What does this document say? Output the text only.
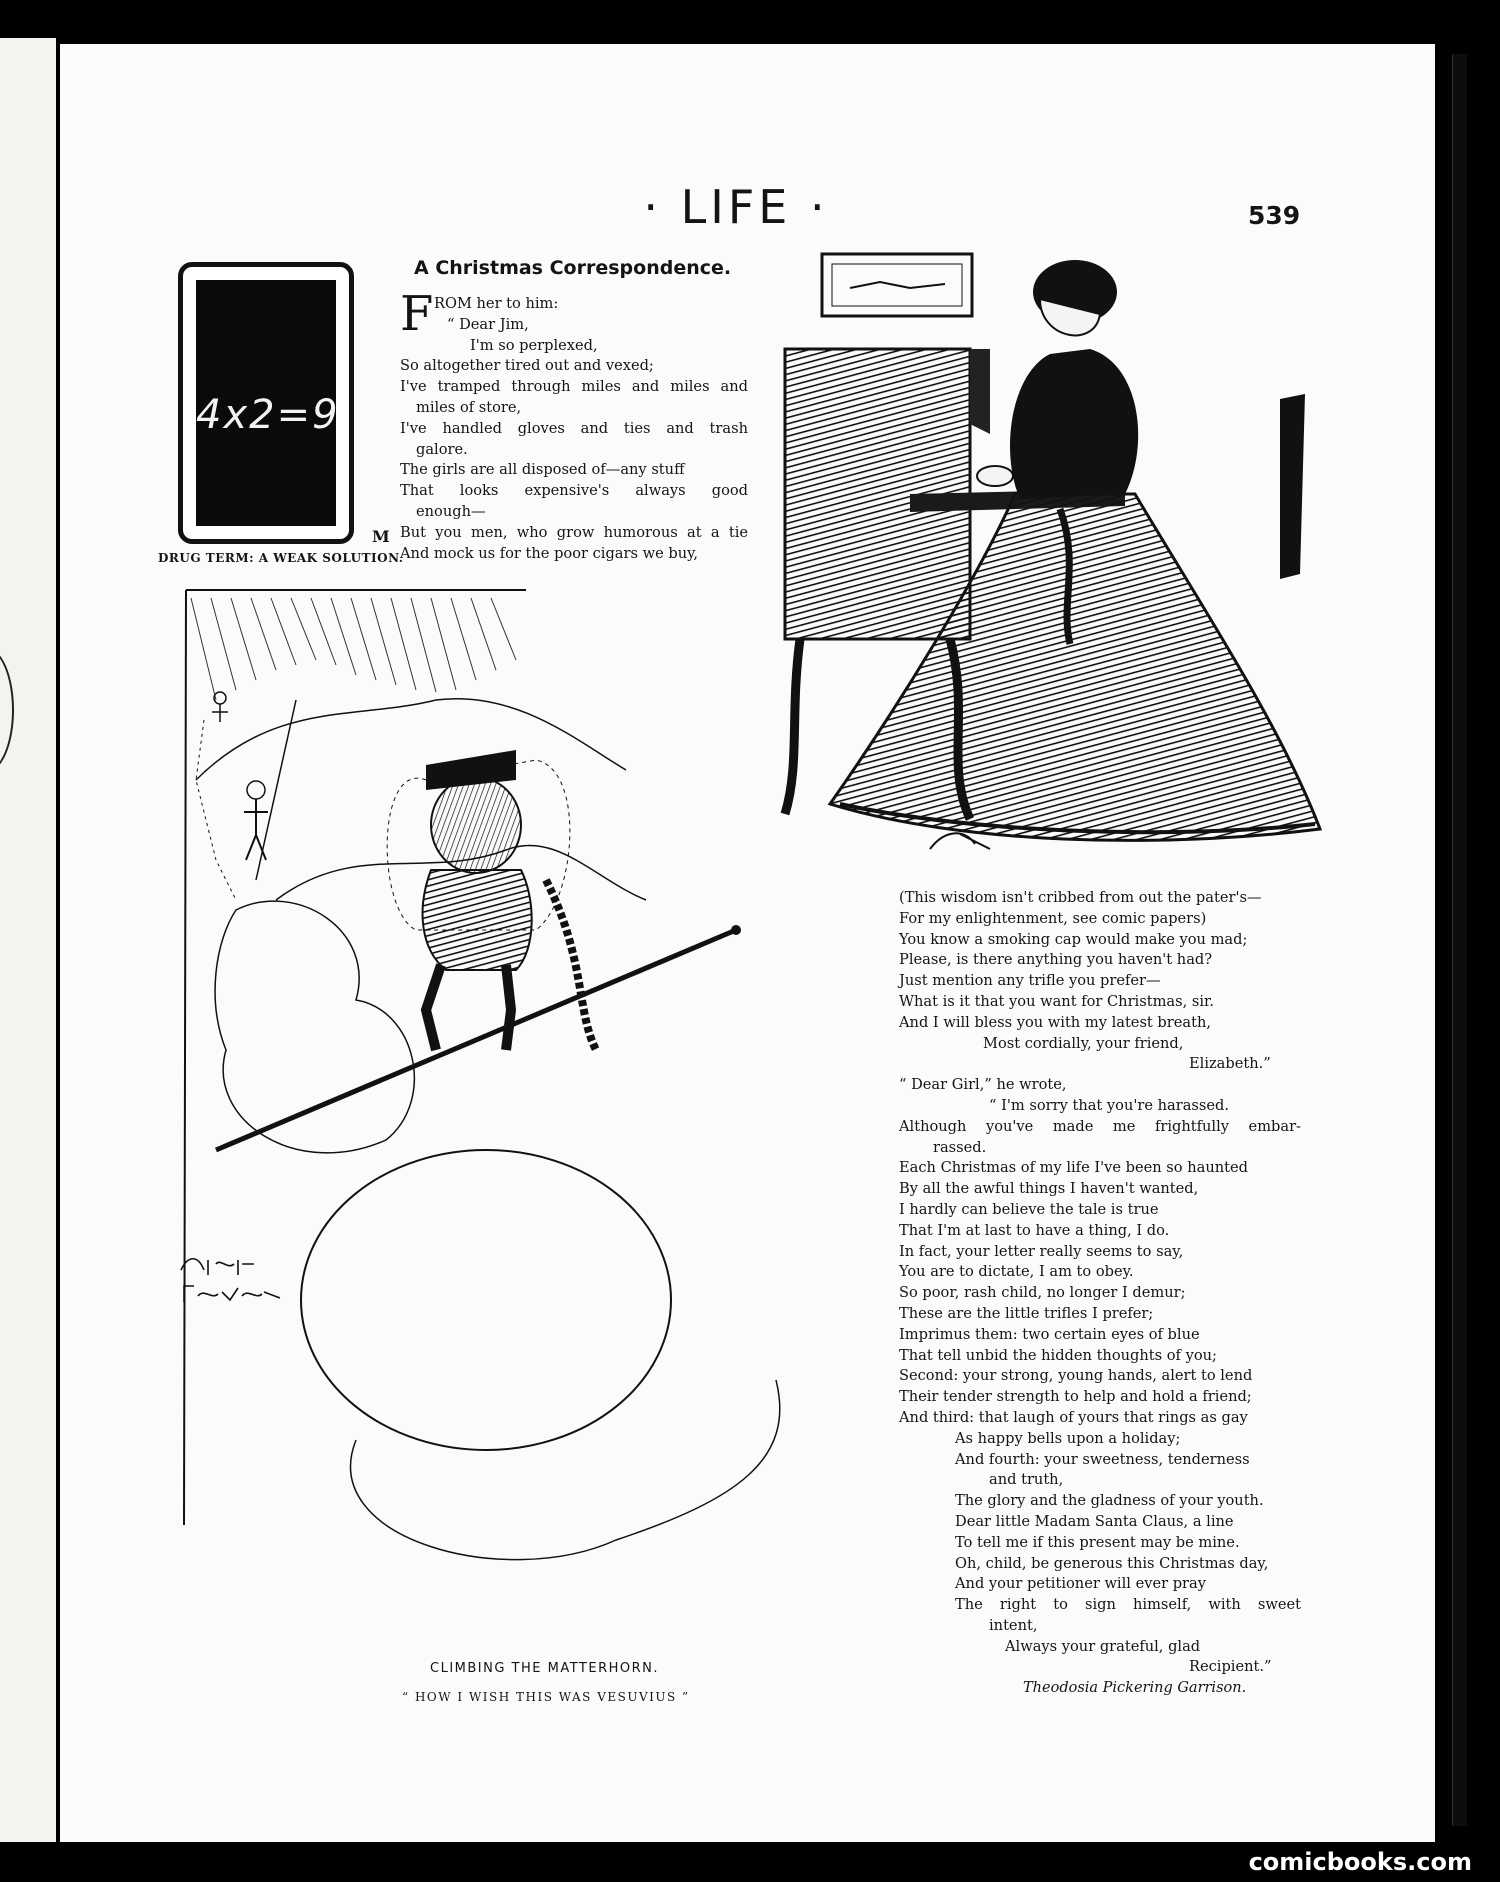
· LIFE ·	539
4x2=9
M
DRUG TERM: A WEAK SOLUTION.
A Christmas Correspondence.
F ROM her to him:
“ Dear Jim,
I'm so perplexed,
So altogether tired out and vexed;
I've tramped through miles and miles and
miles of store,
I've handled gloves and ties and trash
galore.
The girls are all disposed of—any stuff
That looks expensive's always good
enough—
But you men, who grow humorous at a tie
And mock us for the poor cigars we buy,
(This wisdom isn't cribbed from out the pater's—
For my enlightenment, see comic papers)
You know a smoking cap would make you mad;
Please, is there anything you haven't had?
Just mention any trifle you prefer—
What is it that you want for Christmas, sir.
And I will bless you with my latest breath,
Most cordially, your friend,
Elizabeth.”
“ Dear Girl,” he wrote,
“ I'm sorry that you're harassed.
Although you've made me frightfully embar-
rassed.
Each Christmas of my life I've been so haunted
By all the awful things I haven't wanted,
I hardly can believe the tale is true
That I'm at last to have a thing, I do.
In fact, your letter really seems to say,
You are to dictate, I am to obey.
So poor, rash child, no longer I demur;
These are the little trifles I prefer;
Imprimus them: two certain eyes of blue
That tell unbid the hidden thoughts of you;
Second: your strong, young hands, alert to lend
Their tender strength to help and hold a friend;
And third: that laugh of yours that rings as gay
As happy bells upon a holiday;
And fourth: your sweetness, tenderness
and truth,
The glory and the gladness of your youth.
Dear little Madam Santa Claus, a line
To tell me if this present may be mine.
Oh, child, be generous this Christmas day,
And your petitioner will ever pray
The right to sign himself, with sweet
intent,
Always your grateful, glad
Recipient.”
Theodosia Pickering Garrison.
CLIMBING THE MATTERHORN.
“ HOW I WISH THIS WAS VESUVIUS ”
comicbooks.com
